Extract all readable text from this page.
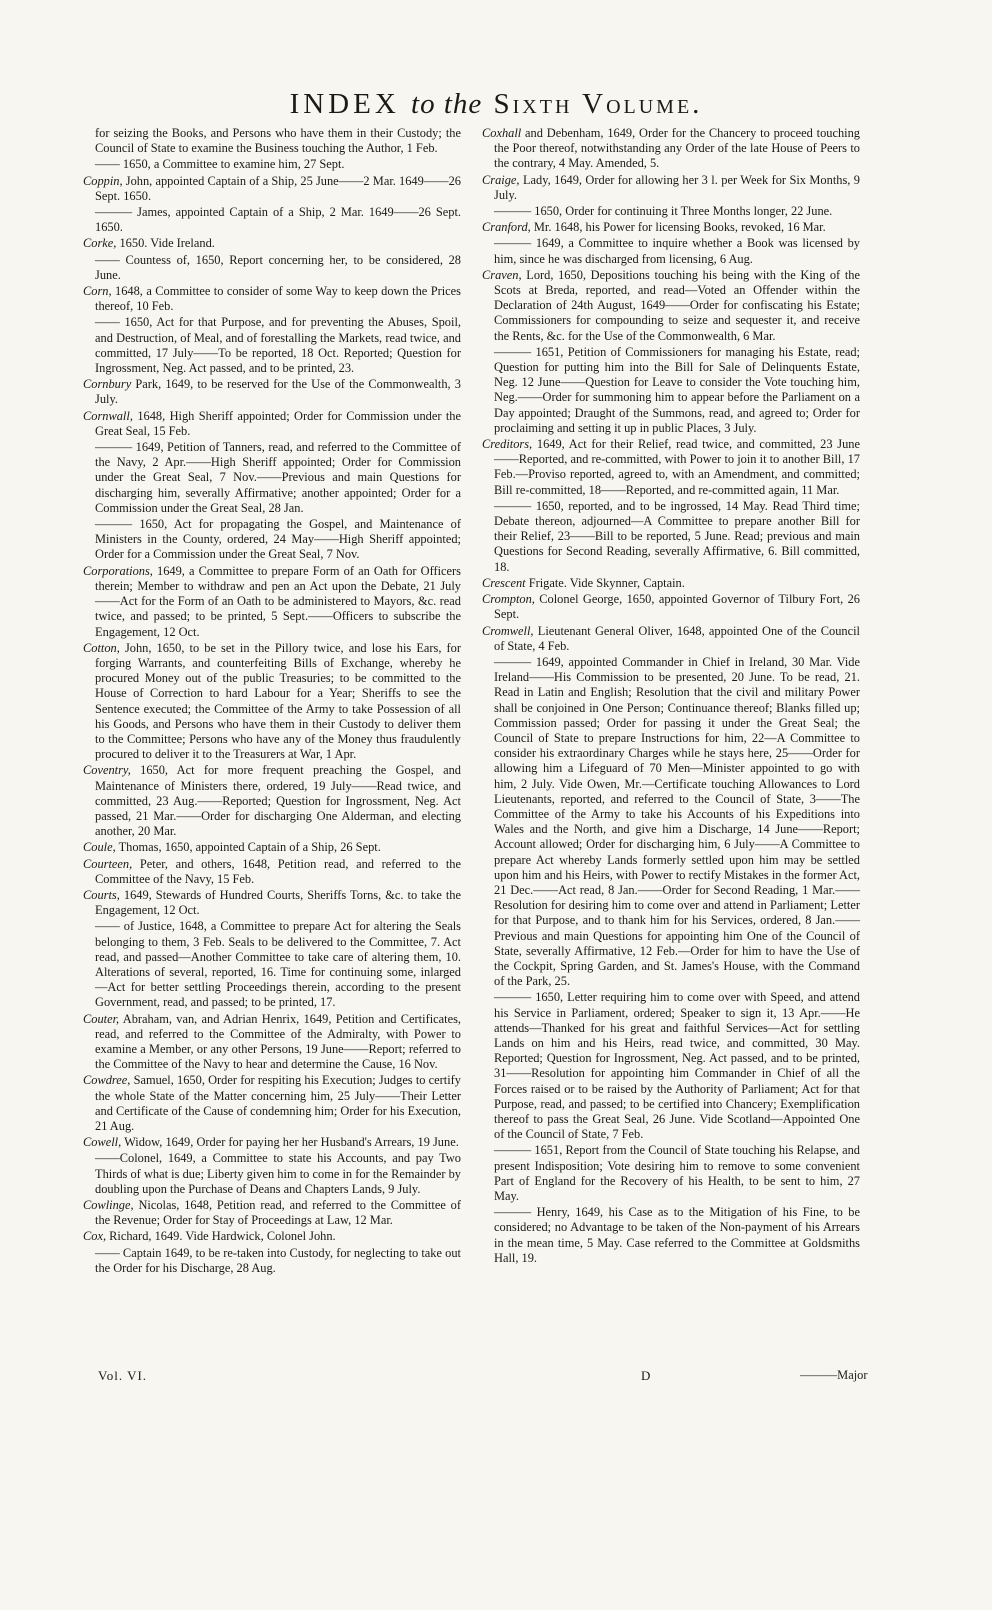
INDEX to the Sixth Volume.

for seizing the Books, and Persons who have them in their Custody; the Council of State to examine the Business touching the Author, 1 Feb.

—— 1650, a Committee to examine him, 27 Sept.

Coppin, John, appointed Captain of a Ship, 25 June——2 Mar. 1649——26 Sept. 1650.

——— James, appointed Captain of a Ship, 2 Mar. 1649——26 Sept. 1650.

Corke, 1650. Vide Ireland.

—— Countess of, 1650, Report concerning her, to be considered, 28 June.

Corn, 1648, a Committee to consider of some Way to keep down the Prices thereof, 10 Feb.

—— 1650, Act for that Purpose, and for preventing the Abuses, Spoil, and Destruction, of Meal, and of forestalling the Markets, read twice, and committed, 17 July——To be reported, 18 Oct. Reported; Question for Ingrossment, Neg. Act passed, and to be printed, 23.

Cornbury Park, 1649, to be reserved for the Use of the Commonwealth, 3 July.

Cornwall, 1648, High Sheriff appointed; Order for Commission under the Great Seal, 15 Feb.

——— 1649, Petition of Tanners, read, and referred to the Committee of the Navy, 2 Apr.——High Sheriff appointed; Order for Commission under the Great Seal, 7 Nov.——Previous and main Questions for discharging him, severally Affirmative; another appointed; Order for a Commission under the Great Seal, 28 Jan.

——— 1650, Act for propagating the Gospel, and Maintenance of Ministers in the County, ordered, 24 May——High Sheriff appointed; Order for a Commission under the Great Seal, 7 Nov.

Corporations, 1649, a Committee to prepare Form of an Oath for Officers therein; Member to withdraw and pen an Act upon the Debate, 21 July——Act for the Form of an Oath to be administered to Mayors, &c. read twice, and passed; to be printed, 5 Sept.——Officers to subscribe the Engagement, 12 Oct.

Cotton, John, 1650, to be set in the Pillory twice, and lose his Ears, for forging Warrants, and counterfeiting Bills of Exchange, whereby he procured Money out of the public Treasuries; to be committed to the House of Correction to hard Labour for a Year; Sheriffs to see the Sentence executed; the Committee of the Army to take Possession of all his Goods, and Persons who have them in their Custody to deliver them to the Committee; Persons who have any of the Money thus fraudulently procured to deliver it to the Treasurers at War, 1 Apr.

Coventry, 1650, Act for more frequent preaching the Gospel, and Maintenance of Ministers there, ordered, 19 July——Read twice, and committed, 23 Aug.——Reported; Question for Ingrossment, Neg. Act passed, 21 Mar.——Order for discharging One Alderman, and electing another, 20 Mar.

Coule, Thomas, 1650, appointed Captain of a Ship, 26 Sept.

Courteen, Peter, and others, 1648, Petition read, and referred to the Committee of the Navy, 15 Feb.

Courts, 1649, Stewards of Hundred Courts, Sheriffs Torns, &c. to take the Engagement, 12 Oct.

—— of Justice, 1648, a Committee to prepare Act for altering the Seals belonging to them, 3 Feb. Seals to be delivered to the Committee, 7. Act read, and passed—Another Committee to take care of altering them, 10. Alterations of several, reported, 16. Time for continuing some, inlarged—Act for better settling Proceedings therein, according to the present Government, read, and passed; to be printed, 17.

Couter, Abraham, van, and Adrian Henrix, 1649, Petition and Certificates, read, and referred to the Committee of the Admiralty, with Power to examine a Member, or any other Persons, 19 June——Report; referred to the Committee of the Navy to hear and determine the Cause, 16 Nov.

Cowdree, Samuel, 1650, Order for respiting his Execution; Judges to certify the whole State of the Matter concerning him, 25 July——Their Letter and Certificate of the Cause of condemning him; Order for his Execution, 21 Aug.

Cowell, Widow, 1649, Order for paying her her Husband's Arrears, 19 June.

——Colonel, 1649, a Committee to state his Accounts, and pay Two Thirds of what is due; Liberty given him to come in for the Remainder by doubling upon the Purchase of Deans and Chapters Lands, 9 July.

Cowlinge, Nicolas, 1648, Petition read, and referred to the Committee of the Revenue; Order for Stay of Proceedings at Law, 12 Mar.

Cox, Richard, 1649. Vide Hardwick, Colonel John.

—— Captain 1649, to be re-taken into Custody, for neglecting to take out the Order for his Discharge, 28 Aug.

Coxhall and Debenham, 1649, Order for the Chancery to proceed touching the Poor thereof, notwithstanding any Order of the late House of Peers to the contrary, 4 May. Amended, 5.

Craige, Lady, 1649, Order for allowing her 3 l. per Week for Six Months, 9 July.

——— 1650, Order for continuing it Three Months longer, 22 June.

Cranford, Mr. 1648, his Power for licensing Books, revoked, 16 Mar.

——— 1649, a Committee to inquire whether a Book was licensed by him, since he was discharged from licensing, 6 Aug.

Craven, Lord, 1650, Depositions touching his being with the King of the Scots at Breda, reported, and read—Voted an Offender within the Declaration of 24th August, 1649——Order for confiscating his Estate; Commissioners for compounding to seize and sequester it, and receive the Rents, &c. for the Use of the Commonwealth, 6 Mar.

——— 1651, Petition of Commissioners for managing his Estate, read; Question for putting him into the Bill for Sale of Delinquents Estate, Neg. 12 June——Question for Leave to consider the Vote touching him, Neg.——Order for summoning him to appear before the Parliament on a Day appointed; Draught of the Summons, read, and agreed to; Order for proclaiming and setting it up in public Places, 3 July.

Creditors, 1649, Act for their Relief, read twice, and committed, 23 June——Reported, and re-committed, with Power to join it to another Bill, 17 Feb.—Proviso reported, agreed to, with an Amendment, and committed; Bill re-committed, 18——Reported, and re-committed again, 11 Mar.

——— 1650, reported, and to be ingrossed, 14 May. Read Third time; Debate thereon, adjourned—A Committee to prepare another Bill for their Relief, 23——Bill to be reported, 5 June. Read; previous and main Questions for Second Reading, severally Affirmative, 6. Bill committed, 18.

Crescent Frigate. Vide Skynner, Captain.

Crompton, Colonel George, 1650, appointed Governor of Tilbury Fort, 26 Sept.

Cromwell, Lieutenant General Oliver, 1648, appointed One of the Council of State, 4 Feb.

——— 1649, appointed Commander in Chief in Ireland, 30 Mar. Vide Ireland——His Commission to be presented, 20 June. To be read, 21. Read in Latin and English; Resolution that the civil and military Power shall be conjoined in One Person; Continuance thereof; Blanks filled up; Commission passed; Order for passing it under the Great Seal; the Council of State to prepare Instructions for him, 22—A Committee to consider his extraordinary Charges while he stays here, 25——Order for allowing him a Lifeguard of 70 Men—Minister appointed to go with him, 2 July. Vide Owen, Mr.—Certificate touching Allowances to Lord Lieutenants, reported, and referred to the Council of State, 3——The Committee of the Army to take his Accounts of his Expeditions into Wales and the North, and give him a Discharge, 14 June——Report; Account allowed; Order for discharging him, 6 July——A Committee to prepare Act whereby Lands formerly settled upon him may be settled upon him and his Heirs, with Power to rectify Mistakes in the former Act, 21 Dec.——Act read, 8 Jan.——Order for Second Reading, 1 Mar.——Resolution for desiring him to come over and attend in Parliament; Letter for that Purpose, and to thank him for his Services, ordered, 8 Jan.——Previous and main Questions for appointing him One of the Council of State, severally Affirmative, 12 Feb.—Order for him to have the Use of the Cockpit, Spring Garden, and St. James's House, with the Command of the Park, 25.

——— 1650, Letter requiring him to come over with Speed, and attend his Service in Parliament, ordered; Speaker to sign it, 13 Apr.——He attends—Thanked for his great and faithful Services—Act for settling Lands on him and his Heirs, read twice, and committed, 30 May. Reported; Question for Ingrossment, Neg. Act passed, and to be printed, 31——Resolution for appointing him Commander in Chief of all the Forces raised or to be raised by the Authority of Parliament; Act for that Purpose, read, and passed; to be certified into Chancery; Exemplification thereof to pass the Great Seal, 26 June. Vide Scotland—Appointed One of the Council of State, 7 Feb.

——— 1651, Report from the Council of State touching his Relapse, and present Indisposition; Vote desiring him to remove to some convenient Part of England for the Recovery of his Health, to be sent to him, 27 May.

——— Henry, 1649, his Case as to the Mitigation of his Fine, to be considered; no Advantage to be taken of the Non-payment of his Arrears in the mean time, 5 May. Case referred to the Committee at Goldsmiths Hall, 19.

Vol. VI.	D	———Major
